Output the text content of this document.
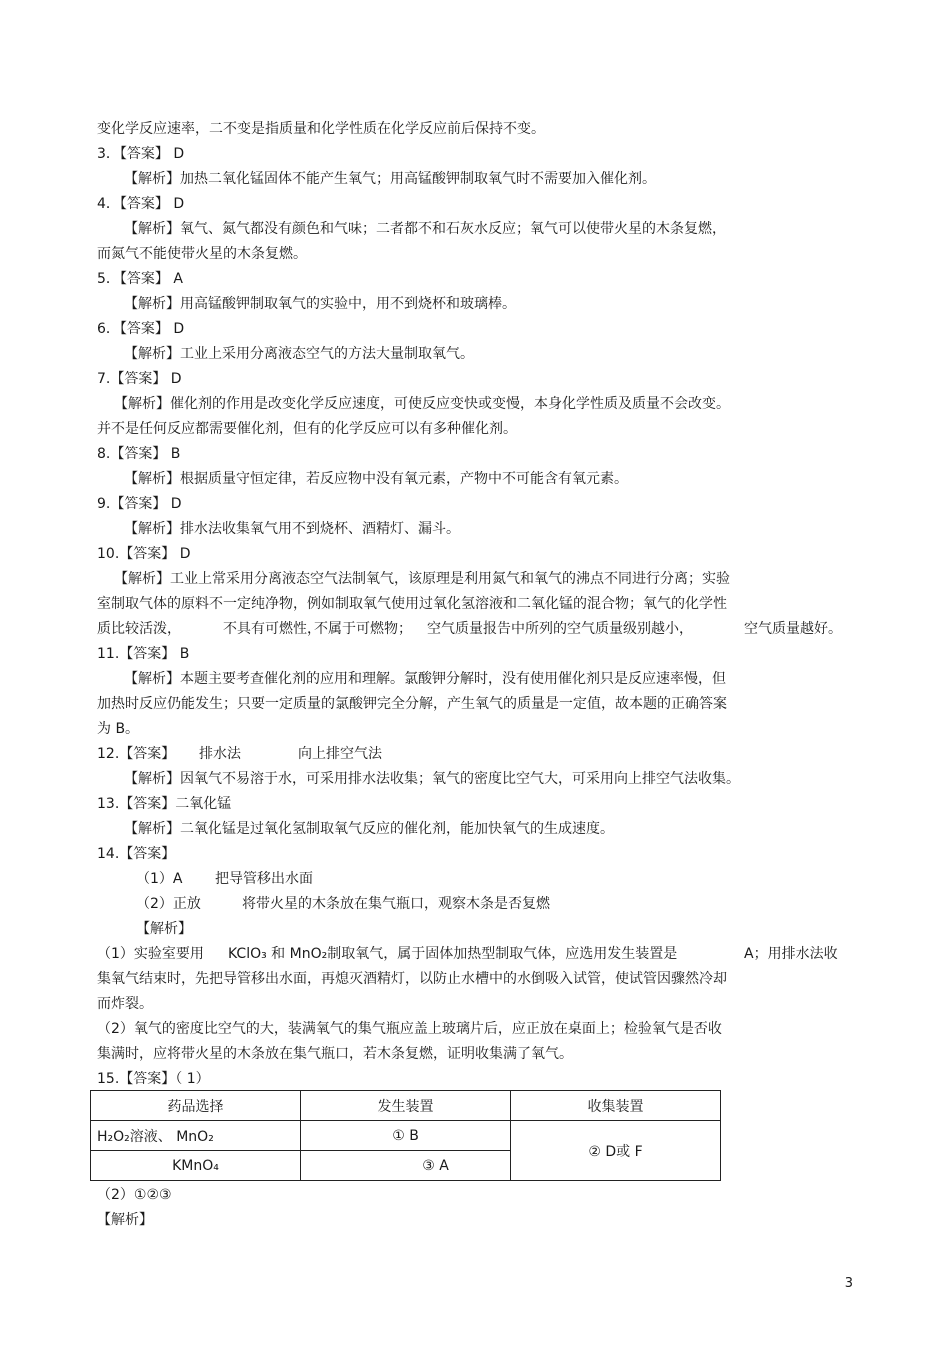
变化学反应速率，二不变是指质量和化学性质在化学反应前后保持不变。
3．【答案】 D
【解析】加热二氧化锰固体不能产生氧气；用高锰酸钾制取氧气时不需要加入催化剂。
4．【答案】 D
【解析】氧气、氮气都没有颜色和气味；二者都不和石灰水反应；氧气可以使带火星的木条复燃，
而氮气不能使带火星的木条复燃。
5．【答案】 A
【解析】用高锰酸钾制取氧气的实验中，用不到烧杯和玻璃棒。
6．【答案】 D
【解析】工业上采用分离液态空气的方法大量制取氧气。
7.【答案】 D
【解析】催化剂的作用是改变化学反应速度，可使反应变快或变慢，本身化学性质及质量不会改变。
并不是任何反应都需要催化剂，但有的化学反应可以有多种催化剂。
8.【答案】 B
【解析】根据质量守恒定律，若反应物中没有氧元素，产物中不可能含有氧元素。
9.【答案】 D
【解析】排水法收集氧气用不到烧杯、酒精灯、漏斗。
10.【答案】 D
【解析】工业上常采用分离液态空气法制氧气，该原理是利用氮气和氧气的沸点不同进行分离；实验
室制取气体的原料不一定纯净物，例如制取氧气使用过氧化氢溶液和二氧化锰的混合物；氧气的化学性
质比较活泼，	不具有可燃性，
不属于可燃物； 空气质量报告中所列的空气质量级别越小，	空气质量越好。
11.【答案】 B
【解析】本题主要考查催化剂的应用和理解。氯酸钾分解时，没有使用催化剂只是反应速率慢，但
加热时反应仍能发生；只要一定质量的氯酸钾完全分解，产生氧气的质量是一定值，故本题的正确答案
为 B。
12.【答案】 排水法	向上排空气法
【解析】因氧气不易溶于水，可采用排水法收集；氧气的密度比空气大，可采用向上排空气法收集。
13.【答案】二氧化锰
【解析】二氧化锰是过氧化氢制取氧气反应的催化剂，能加快氧气的生成速度。
14.【答案】
（1）A 把导管移出水面
（2）正放	将带火星的木条放在集气瓶口，观察木条是否复燃
【解析】
（1）实验室要用 KClO₃ 和 MnO₂制取氧气，属于固体加热型制取气体，应选用发生装置是	A；用排水法收
集氧气结束时，先把导管移出水面，再熄灭酒精灯，以防止水槽中的水倒吸入试管，使试管因骤然冷却
而炸裂。
（2）氧气的密度比空气的大，装满氧气的集气瓶应盖上玻璃片后，应正放在桌面上；检验氧气是否收
集满时，应将带火星的木条放在集气瓶口，若木条复燃，证明收集满了氧气。
15.【答案】（ 1）
药品选择	发生装置	收集装置
H₂O₂溶液、 MnO₂	① B	② D或 F
KMnO₄	③ A	
（2）①②③
【解析】
3
